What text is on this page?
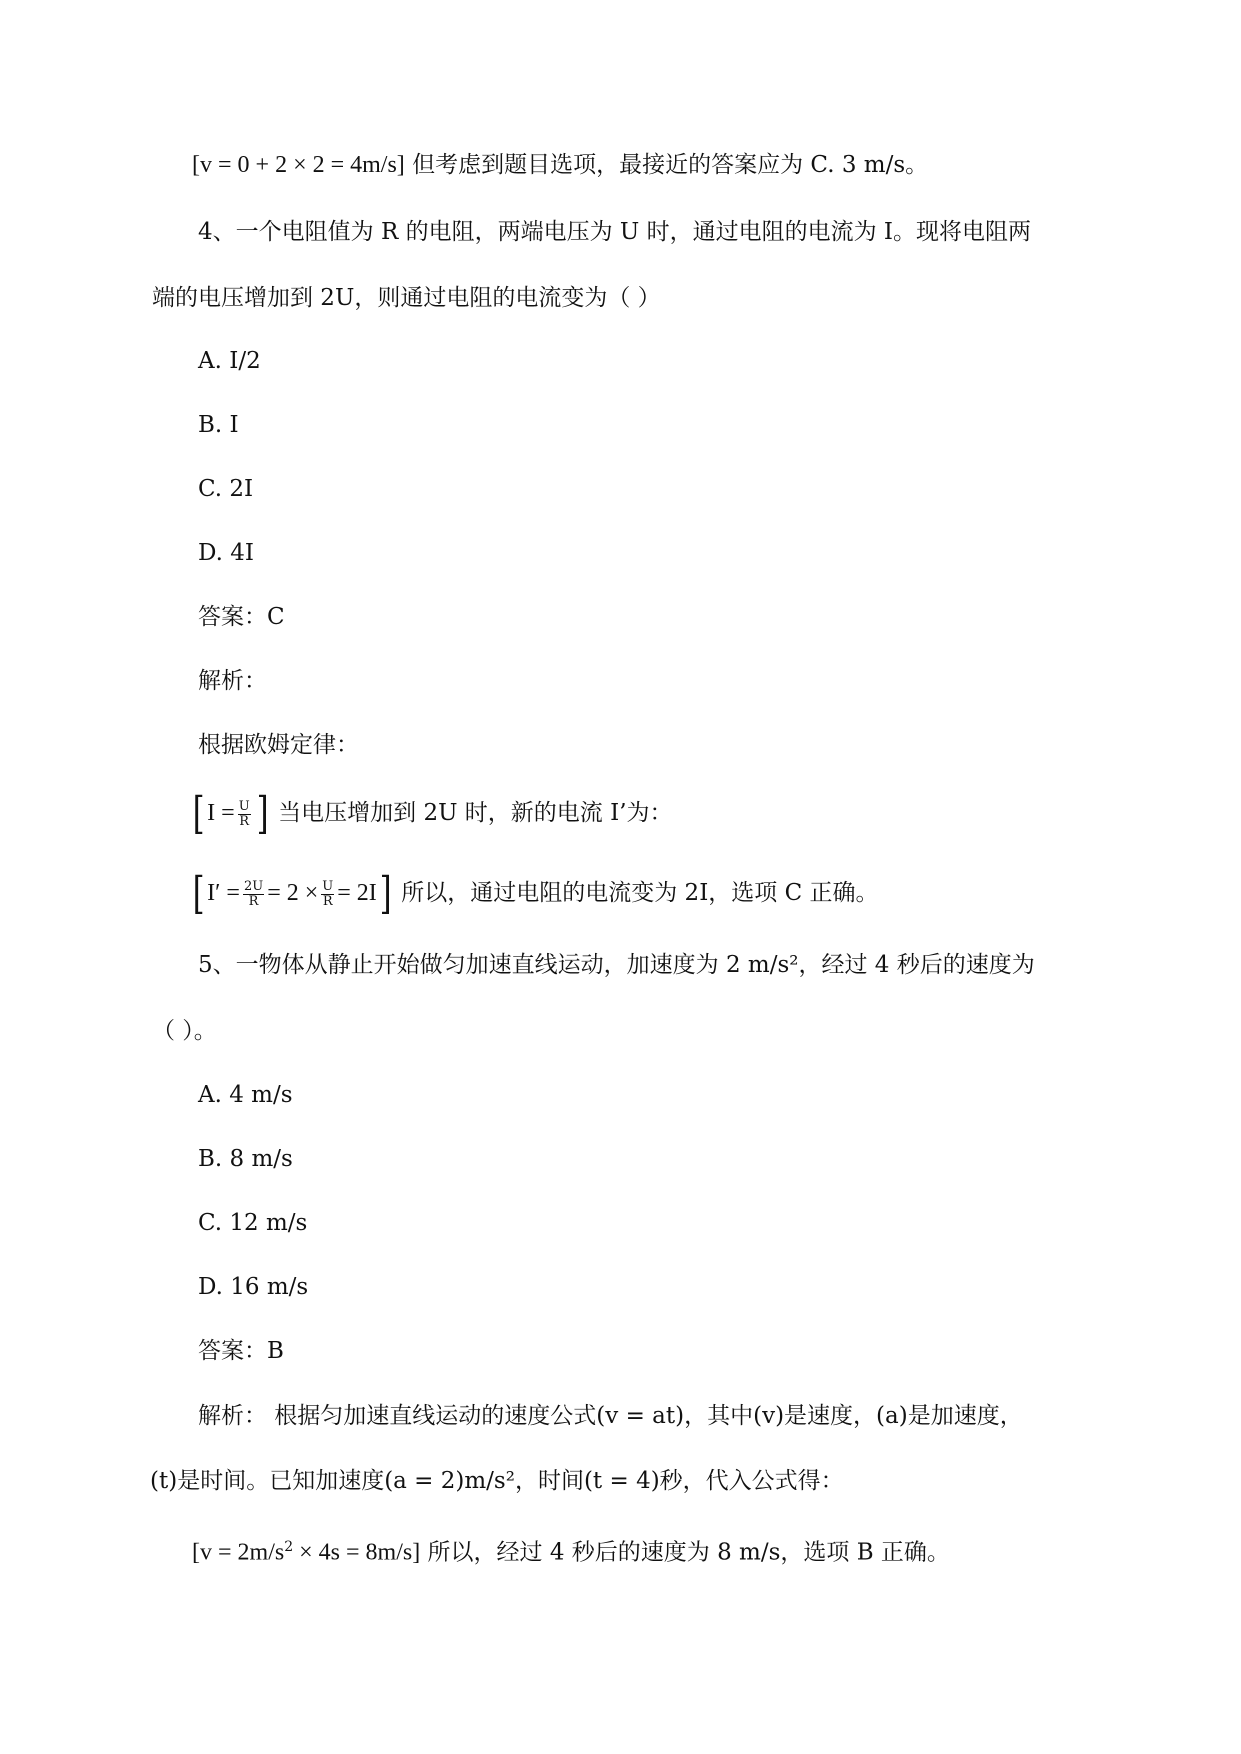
[v = 0 + 2 × 2 = 4m/s] 但考虑到题目选项，最接近的答案应为 C. 3 m/s。
4、一个电阻值为 R 的电阻，两端电压为 U 时，通过电阻的电流为 I。现将电阻两
端的电压增加到 2U，则通过电阻的电流变为（ ）
A. I/2
B. I
C. 2I
D. 4I
答案：C
解析：
根据欧姆定律：
[ $I = \frac{U}{R}$ ] 当电压增加到 2U 时，新的电流 I’为：
[ $I' = \frac{2U}{R} = 2 \times \frac{U}{R} = 2I$] 所以，通过电阻的电流变为 2I，选项 C 正确。
5、一物体从静止开始做匀加速直线运动，加速度为 2 m/s²，经过 4 秒后的速度为
（ ）。
A. 4 m/s
B. 8 m/s
C. 12 m/s
D. 16 m/s
答案：B
解析： 根据匀加速直线运动的速度公式(v = at)，其中(v)是速度，(a)是加速度，
(t)是时间。已知加速度(a = 2)m/s²，时间(t = 4)秒，代入公式得：
$[v = 2m/s^2 \times 4s = 8m/s]$ 所以，经过 4 秒后的速度为 8 m/s，选项 B 正确。
